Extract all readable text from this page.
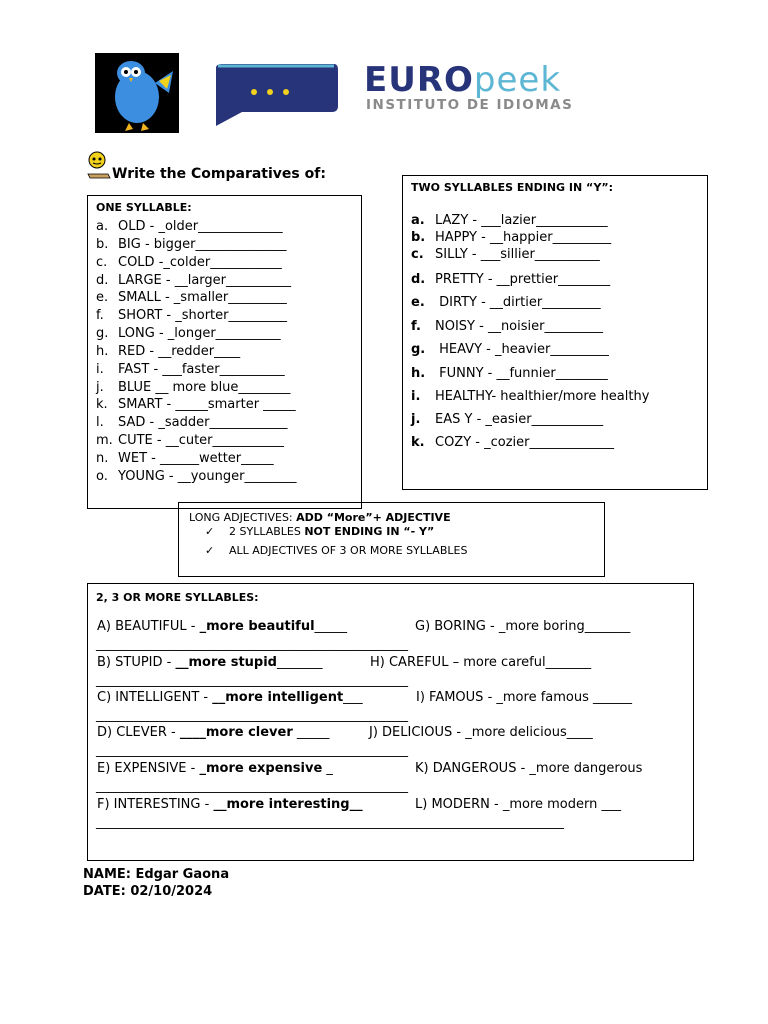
EUROpeek
INSTITUTO DE IDIOMAS
Write the Comparatives of:
ONE SYLLABLE:
a. OLD - _older_____________
b. BIG - bigger______________
c. COLD -_colder___________
d. LARGE - __larger__________
e. SMALL - _smaller_________
f. SHORT - _shorter_________
g. LONG - _longer__________
h. RED - __redder____
i. FAST - ___faster__________
j. BLUE __ more blue________
k. SMART - _____smarter _____
l. SAD - _sadder____________
m. CUTE - __cuter___________
n. WET - ______wetter_____
o. YOUNG - __younger________
TWO SYLLABLES ENDING IN “Y”:
a. LAZY - ___lazier___________
b. HAPPY - __happier_________
c. SILLY - ___sillier__________
d. PRETTY - __prettier________
e. DIRTY - __dirtier_________
f. NOISY - __noisier_________
g. HEAVY - _heavier_________
h. FUNNY - __funnier________
i. HEALTHY- healthier/more healthy
j. EAS Y - _easier___________
k. COZY - _cozier_____________
LONG ADJECTIVES: ADD “More”+ ADJECTIVE
✓ 2 SYLLABLES NOT ENDING IN “- Y”
✓ ALL ADJECTIVES OF 3 OR MORE SYLLABLES
2, 3 OR MORE SYLLABLES:
A) BEAUTIFUL - _more beautiful_____	G) BORING - _more boring_______
________________________________________________
B) STUPID - __more stupid_______	H) CAREFUL – more careful_______
________________________________________________
C) INTELLIGENT - __more intelligent___	I) FAMOUS - _more famous ______
________________________________________________
D) CLEVER - ____more clever _____	J) DELICIOUS - _more delicious____
________________________________________________
E) EXPENSIVE - _more expensive _	K) DANGEROUS - _more dangerous
________________________________________________
F) INTERESTING - __more interesting__	L) MODERN - _more modern ___
________________________________________________________________________
NAME: Edgar Gaona
DATE: 02/10/2024
